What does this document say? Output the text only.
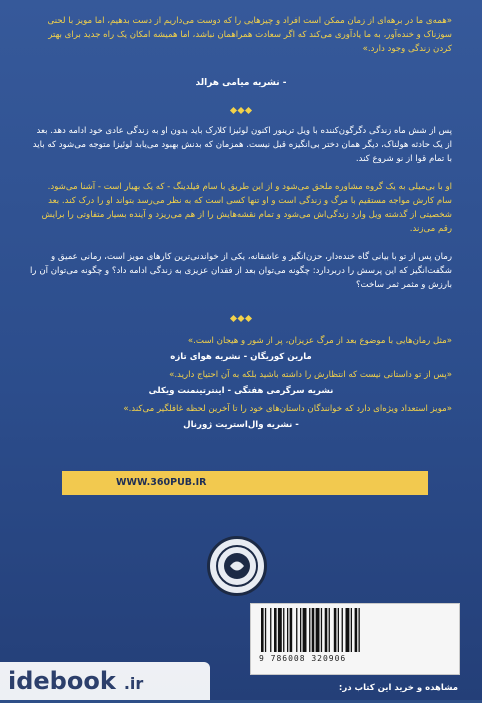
«همه‌ی ما در برهه‌ای از زمان ممکن است افراد و چیزهایی را که دوست می‌داریم از دست بدهیم، اما مویز با لحنی سوزناک و خنده‌آور، به ما یادآوری می‌کند که اگر سعادت همراهمان نباشد، اما همیشه امکان یک راه جدید برای بهتر کردن زندگی وجود دارد.»
- نشریه میامی هرالد
پس از شش ماه زندگی دگرگون‌کننده با ویل ترینور اکنون لوئیزا کلارک باید بدون او به زندگی عادی خود ادامه دهد. بعد از یک حادثه هولناک، دیگر همان دختر بی‌انگیزه قبل نیست. همزمان که بدنش بهبود می‌یابد لوئیزا متوجه می‌شود که باید با تمام قوا از نو شروع کند.
او با بی‌میلی به یک گروه مشاوره ملحق می‌شود و از این طریق با سام فیلدینگ - که یک بهیار است - آشنا می‌شود. سام کارش مواجه مستقیم با مرگ و زندگی است و او تنها کسی است که به نظر می‌رسد بتواند او را درک کند. بعد شخصیتی از گذشته ویل وارد زندگی‌اش می‌شود و تمام نقشه‌هایش را از هم می‌ریزد و آینده بسیار متفاوتی را برایش رقم می‌زند.
رمان پس از تو با بیانی گاه خنده‌دار، حزن‌انگیز و عاشقانه، یکی از خواندنی‌ترین کارهای مویز است، رمانی عمیق و شگفت‌انگیز که این پرسش را دربردارد: چگونه می‌توان بعد از فقدان عزیزی به زندگی ادامه داد؟ و چگونه می‌توان آن را بارزش و مثمر ثمر ساخت؟
«مثل رمان‌هایی با موضوع بعد از مرگ عزیزان، پر از شور و هیجان است.»
مارین کوریگان - نشریه هوای تازه
«پس از تو داستانی نیست که انتظارش را داشته باشید بلکه به آن احتیاج دارید.»
نشریه سرگرمی هفتگی - اینترتینمنت ویکلی
«مویز استعداد ویژه‌ای دارد که خوانندگان داستان‌های خود را تا آخرین لحظه غافلگیر می‌کند.»
- نشریه وال‌استریت ژورنال
WWW.360PUB.IR
9 786008 320906
مشاهده و خرید این کتاب در:
idebook .ir
